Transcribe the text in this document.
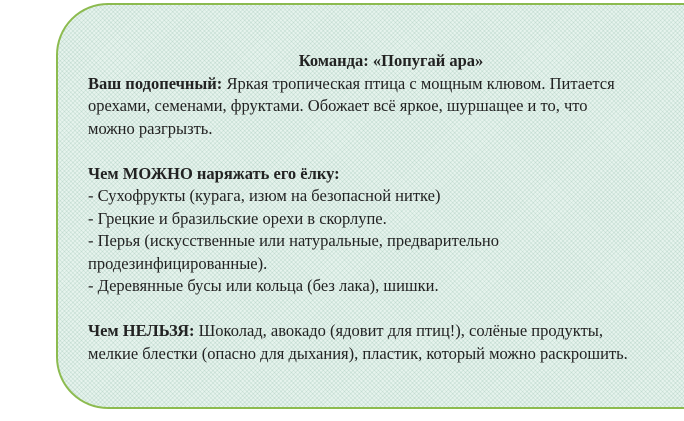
Команда: «Попугай ара»

Ваш подопечный: Яркая тропическая птица с мощным клювом. Питается

орехами, семенами, фруктами. Обожает всё яркое, шуршащее и то, что

можно разгрызть.

Чем МОЖНО наряжать его ёлку:

- Сухофрукты (курага, изюм на безопасной нитке)

- Грецкие и бразильские орехи в скорлупе.

- Перья (искусственные или натуральные, предварительно

продезинфицированные).

- Деревянные бусы или кольца (без лака), шишки.

Чем НЕЛЬЗЯ: Шоколад, авокадо (ядовит для птиц!), солёные продукты,

мелкие блестки (опасно для дыхания), пластик, который можно раскрошить.
